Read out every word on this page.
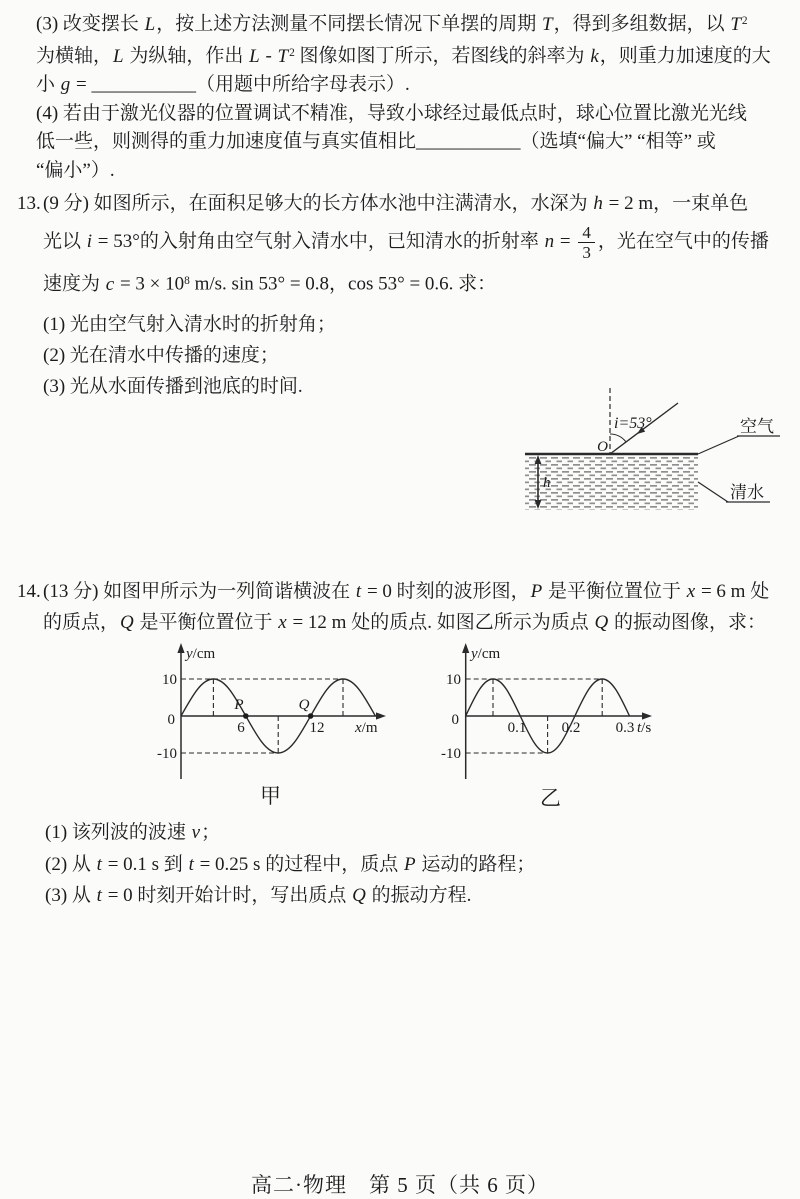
(3) 改变摆长 L，按上述方法测量不同摆长情况下单摆的周期 T，得到多组数据，以 $T^2$
为横轴，L 为纵轴，作出 L - $T^2$ 图像如图丁所示，若图线的斜率为 k，则重力加速度的大
小 g = ___________（用题中所给字母表示）.
(4) 若由于激光仪器的位置调试不精准，导致小球经过最低点时，球心位置比激光光线
低一些，则测得的重力加速度值与真实值相比___________（选填“偏大” “相等” 或
“偏小”）.
13. (9 分) 如图所示，在面积足够大的长方体水池中注满清水，水深为 h = 2 m，一束单色
光以 i = 53°的入射角由空气射入清水中，已知清水的折射率 $n = \frac{4}{3}$ ，光在空气中的传播
速度为 $c = 3 \times 10^8$ m/s. sin 53° = 0.8，cos 53° = 0.6. 求：
(1) 光由空气射入清水时的折射角；
(2) 光在清水中传播的速度；
(3) 光从水面传播到池底的时间.
i=53°
O
空气
清水
h
14. (13 分) 如图甲所示为一列简谐横波在 t = 0 时刻的波形图，P 是平衡位置位于 x = 6 m 处
的质点，Q 是平衡位置位于 x = 12 m 处的质点. 如图乙所示为质点 Q 的振动图像，求：
y/cm
10
0
-10
P	Q
6	12 x/m
y/cm
10
0
-10
0.1 0.2 0.3 t/s
甲	乙
(1) 该列波的波速 v；
(2) 从 t = 0.1 s 到 t = 0.25 s 的过程中，质点 P 运动的路程；
(3) 从 t = 0 时刻开始计时，写出质点 Q 的振动方程.
高二·物理　第 5 页（共 6 页）
